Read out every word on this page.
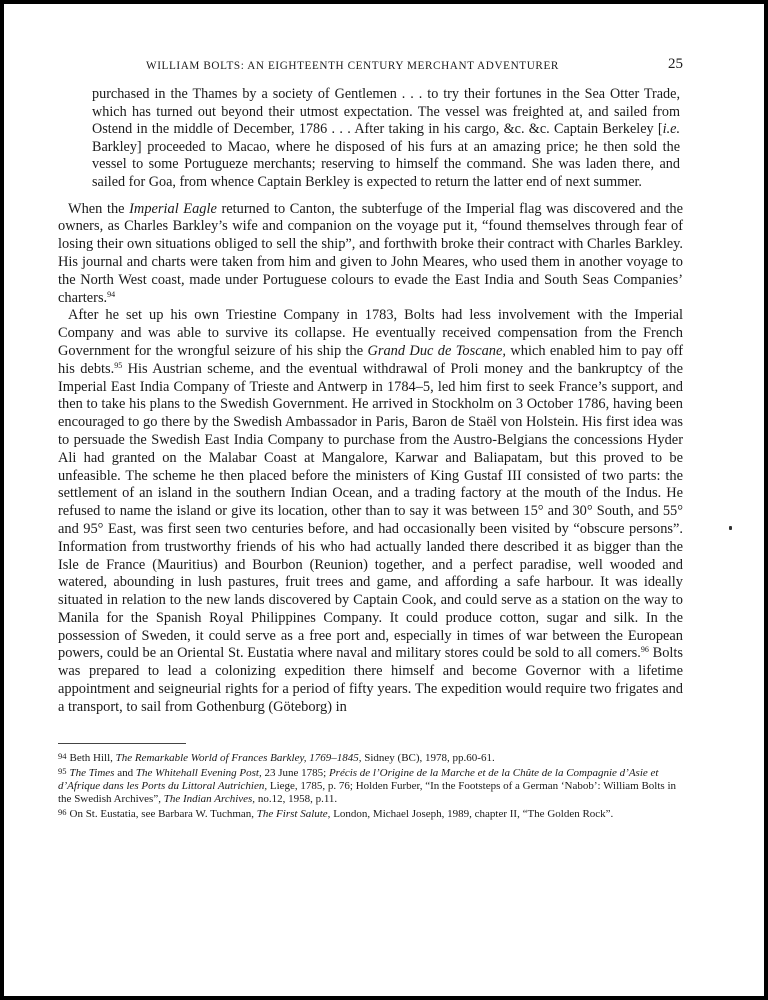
WILLIAM BOLTS: AN EIGHTEENTH CENTURY MERCHANT ADVENTURER	25
purchased in the Thames by a society of Gentlemen . . . to try their fortunes in the Sea Otter Trade, which has turned out beyond their utmost expectation. The vessel was freighted at, and sailed from Ostend in the middle of December, 1786 . . . After taking in his cargo, &c. &c. Captain Berkeley [i.e. Barkley] proceeded to Macao, where he disposed of his furs at an amazing price; he then sold the vessel to some Portugueze merchants; reserving to himself the command. She was laden there, and sailed for Goa, from whence Captain Berkley is expected to return the latter end of next summer.

When the Imperial Eagle returned to Canton, the subterfuge of the Imperial flag was discovered and the owners, as Charles Barkley’s wife and companion on the voyage put it, “found themselves through fear of losing their own situations obliged to sell the ship”, and forthwith broke their contract with Charles Barkley. His journal and charts were taken from him and given to John Meares, who used them in another voyage to the North West coast, made under Portuguese colours to evade the East India and South Seas Companies’ charters.$^{94}$

After he set up his own Triestine Company in 1783, Bolts had less involvement with the Imperial Company and was able to survive its collapse. He eventually received compensation from the French Government for the wrongful seizure of his ship the Grand Duc de Toscane, which enabled him to pay off his debts.$^{95}$ His Austrian scheme, and the eventual withdrawal of Proli money and the bankruptcy of the Imperial East India Company of Trieste and Antwerp in 1784–5, led him first to seek France’s support, and then to take his plans to the Swedish Government. He arrived in Stockholm on 3 October 1786, having been encouraged to go there by the Swedish Ambassador in Paris, Baron de Staël von Holstein. His first idea was to persuade the Swedish East India Company to purchase from the Austro-Belgians the concessions Hyder Ali had granted on the Malabar Coast at Mangalore, Karwar and Baliapatam, but this proved to be unfeasible. The scheme he then placed before the ministers of King Gustaf III consisted of two parts: the settlement of an island in the southern Indian Ocean, and a trading factory at the mouth of the Indus. He refused to name the island or give its location, other than to say it was between 15° and 30° South, and 55° and 95° East, was first seen two centuries before, and had occasionally been visited by “obscure persons”. Information from trustworthy friends of his who had actually landed there described it as bigger than the Isle de France (Mauritius) and Bourbon (Reunion) together, and a perfect paradise, well wooded and watered, abounding in lush pastures, fruit trees and game, and affording a safe harbour. It was ideally situated in relation to the new lands discovered by Captain Cook, and could serve as a station on the way to Manila for the Spanish Royal Philippines Company. It could produce cotton, sugar and silk. In the possession of Sweden, it could serve as a free port and, especially in times of war between the European powers, could be an Oriental St. Eustatia where naval and military stores could be sold to all comers.$^{96}$ Bolts was prepared to lead a colonizing expedition there himself and become Governor with a lifetime appointment and seigneurial rights for a period of fifty years. The expedition would require two frigates and a transport, to sail from Gothenburg (Göteborg) in

94 Beth Hill, The Remarkable World of Frances Barkley, 1769–1845, Sidney (BC), 1978, pp.60-61.

95 The Times and The Whitehall Evening Post, 23 June 1785; Précis de l’Origine de la Marche et de la Chûte de la Compagnie d’Asie et d’Afrique dans les Ports du Littoral Autrichien, Liege, 1785, p. 76; Holden Furber, “In the Footsteps of a German ‘Nabob’: William Bolts in the Swedish Archives”, The Indian Archives, no.12, 1958, p.11.

96 On St. Eustatia, see Barbara W. Tuchman, The First Salute, London, Michael Joseph, 1989, chapter II, “The Golden Rock”.
